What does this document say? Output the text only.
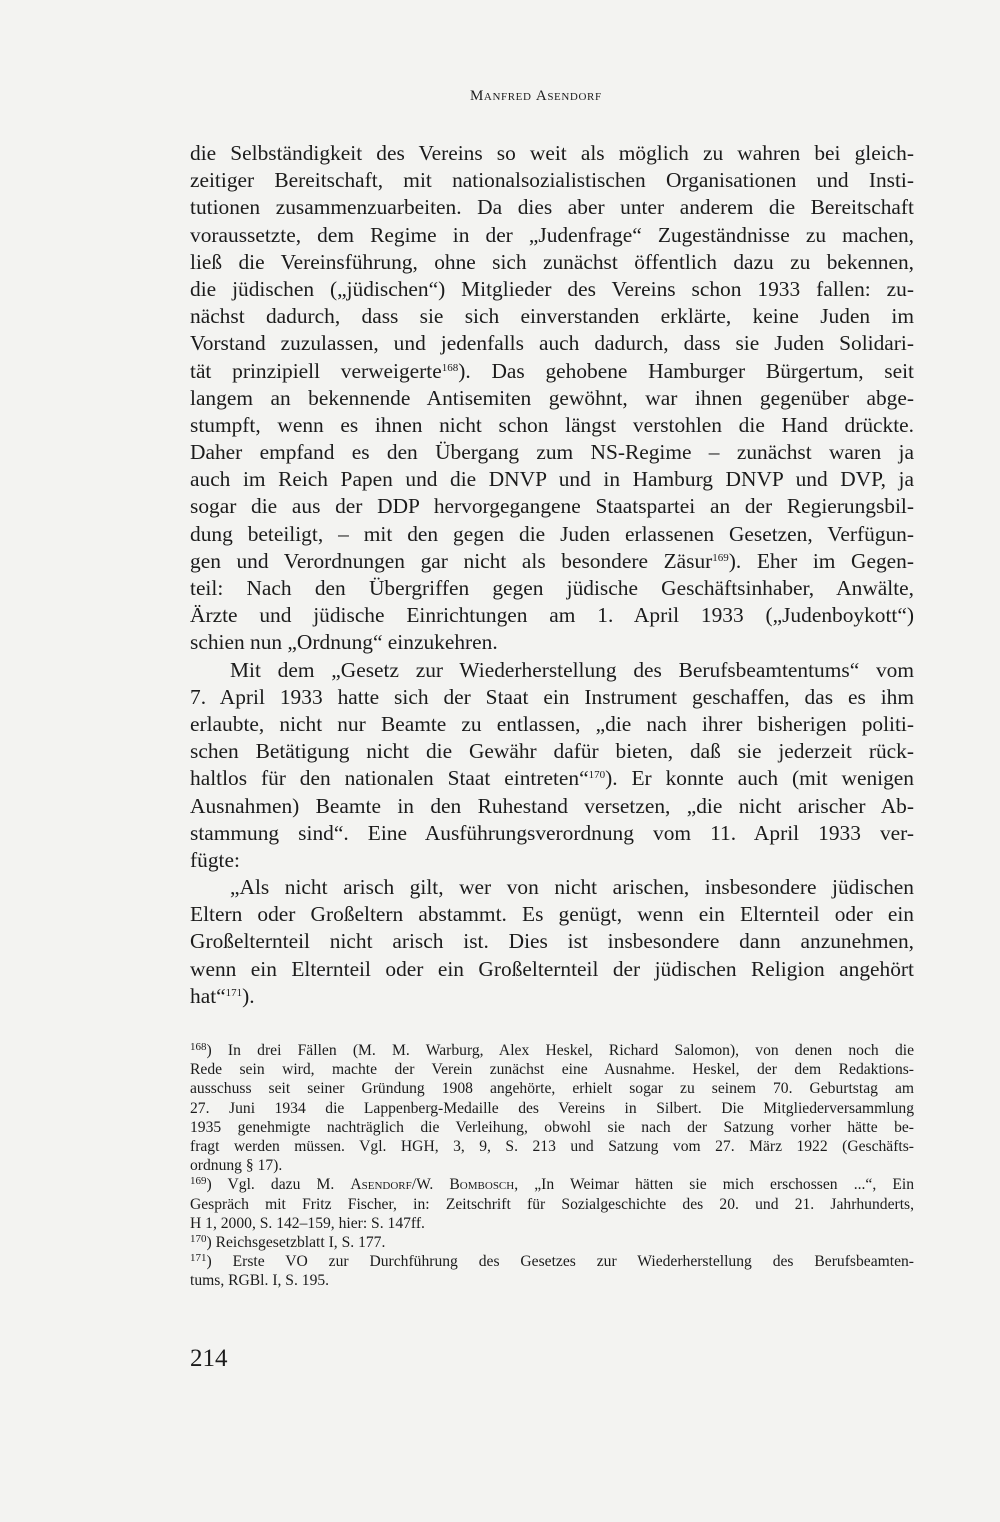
Manfred Asendorf
die Selbständigkeit des Vereins so weit als möglich zu wahren bei gleich-
zeitiger Bereitschaft, mit nationalsozialistischen Organisationen und Insti-
tutionen zusammenzuarbeiten. Da dies aber unter anderem die Bereitschaft
voraussetzte, dem Regime in der „Judenfrage“ Zugeständnisse zu machen,
ließ die Vereinsführung, ohne sich zunächst öffentlich dazu zu bekennen,
die jüdischen („jüdischen“) Mitglieder des Vereins schon 1933 fallen: zu-
nächst dadurch, dass sie sich einverstanden erklärte, keine Juden im
Vorstand zuzulassen, und jedenfalls auch dadurch, dass sie Juden Solidari-
tät prinzipiell verweigerte$^{168}$). Das gehobene Hamburger Bürgertum, seit
langem an bekennende Antisemiten gewöhnt, war ihnen gegenüber abge-
stumpft, wenn es ihnen nicht schon längst verstohlen die Hand drückte.
Daher empfand es den Übergang zum NS-Regime – zunächst waren ja
auch im Reich Papen und die DNVP und in Hamburg DNVP und DVP, ja
sogar die aus der DDP hervorgegangene Staatspartei an der Regierungsbil-
dung beteiligt, – mit den gegen die Juden erlassenen Gesetzen, Verfügun-
gen und Verordnungen gar nicht als besondere Zäsur$^{169}$). Eher im Gegen-
teil: Nach den Übergriffen gegen jüdische Geschäftsinhaber, Anwälte,
Ärzte und jüdische Einrichtungen am 1. April 1933 („Judenboykott“)
schien nun „Ordnung“ einzukehren.
Mit dem „Gesetz zur Wiederherstellung des Berufsbeamtentums“ vom
7. April 1933 hatte sich der Staat ein Instrument geschaffen, das es ihm
erlaubte, nicht nur Beamte zu entlassen, „die nach ihrer bisherigen politi-
schen Betätigung nicht die Gewähr dafür bieten, daß sie jederzeit rück-
haltlos für den nationalen Staat eintreten“$^{170}$). Er konnte auch (mit wenigen
Ausnahmen) Beamte in den Ruhestand versetzen, „die nicht arischer Ab-
stammung sind“. Eine Ausführungsverordnung vom 11. April 1933 ver-
fügte:
„Als nicht arisch gilt, wer von nicht arischen, insbesondere jüdischen
Eltern oder Großeltern abstammt. Es genügt, wenn ein Elternteil oder ein
Großelternteil nicht arisch ist. Dies ist insbesondere dann anzunehmen,
wenn ein Elternteil oder ein Großelternteil der jüdischen Religion angehört
hat“$^{171}$).
$^{168}$) In drei Fällen (M. M. Warburg, Alex Heskel, Richard Salomon), von denen noch die
Rede sein wird, machte der Verein zunächst eine Ausnahme. Heskel, der dem Redaktions-
ausschuss seit seiner Gründung 1908 angehörte, erhielt sogar zu seinem 70. Geburtstag am
27. Juni 1934 die Lappenberg-Medaille des Vereins in Silbert. Die Mitgliederversammlung
1935 genehmigte nachträglich die Verleihung, obwohl sie nach der Satzung vorher hätte be-
fragt werden müssen. Vgl. HGH, 3, 9, S. 213 und Satzung vom 27. März 1922 (Geschäfts-
ordnung § 17).
$^{169}$) Vgl. dazu M. Asendorf/W. Bombosch, „In Weimar hätten sie mich erschossen ...“, Ein
Gespräch mit Fritz Fischer, in: Zeitschrift für Sozialgeschichte des 20. und 21. Jahrhunderts,
H 1, 2000, S. 142–159, hier: S. 147ff.
$^{170}$) Reichsgesetzblatt I, S. 177.
$^{171}$) Erste VO zur Durchführung des Gesetzes zur Wiederherstellung des Berufsbeamten-
tums, RGBl. I, S. 195.
214
